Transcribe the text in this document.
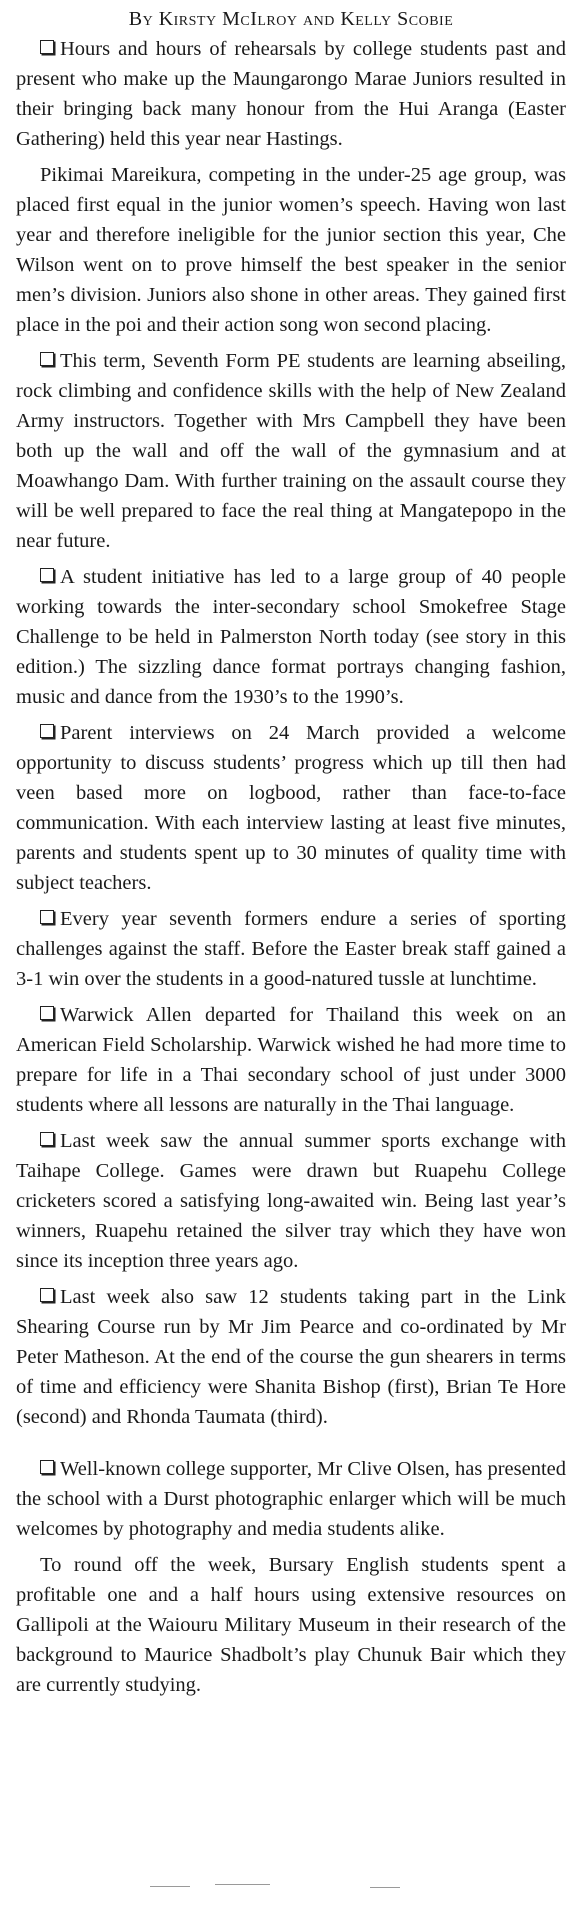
By Kirsty McIlroy and Kelly Scobie

Hours and hours of rehearsals by college students past and present who make up the Maungarongo Marae Juniors resulted in their bringing back many honour from the Hui Aranga (Easter Gathering) held this year near Hastings.

Pikimai Mareikura, competing in the under-25 age group, was placed first equal in the junior women’s speech. Having won last year and therefore ineligible for the junior section this year, Che Wilson went on to prove himself the best speaker in the senior men’s division. Juniors also shone in other areas. They gained first place in the poi and their action song won second placing.

This term, Seventh Form PE students are learning abseiling, rock climbing and confidence skills with the help of New Zealand Army instructors. Together with Mrs Campbell they have been both up the wall and off the wall of the gymnasium and at Moawhango Dam. With further training on the assault course they will be well prepared to face the real thing at Mangatepopo in the near future.

A student initiative has led to a large group of 40 people working towards the inter-secondary school Smokefree Stage Challenge to be held in Palmerston North today (see story in this edition.) The sizzling dance format portrays changing fashion, music and dance from the 1930’s to the 1990’s.

Parent interviews on 24 March provided a welcome opportunity to discuss students’ progress which up till then had veen based more on logbood, rather than face-to-face communication. With each interview lasting at least five minutes, parents and students spent up to 30 minutes of quality time with subject teachers.

Every year seventh formers endure a series of sporting challenges against the staff. Before the Easter break staff gained a 3-1 win over the students in a good-natured tussle at lunchtime.

Warwick Allen departed for Thailand this week on an American Field Scholarship. Warwick wished he had more time to prepare for life in a Thai secondary school of just under 3000 students where all lessons are naturally in the Thai language.

Last week saw the annual summer sports exchange with Taihape College. Games were drawn but Ruapehu College cricketers scored a satisfying long-awaited win. Being last year’s winners, Ruapehu retained the silver tray which they have won since its inception three years ago.

Last week also saw 12 students taking part in the Link Shearing Course run by Mr Jim Pearce and co-ordinated by Mr Peter Matheson. At the end of the course the gun shearers in terms of time and efficiency were Shanita Bishop (first), Brian Te Hore (second) and Rhonda Taumata (third).

Well-known college supporter, Mr Clive Olsen, has presented the school with a Durst photographic enlarger which will be much welcomes by photography and media students alike.

To round off the week, Bursary English students spent a profitable one and a half hours using extensive resources on Gallipoli at the Waiouru Military Museum in their research of the background to Maurice Shadbolt’s play Chunuk Bair which they are currently studying.
